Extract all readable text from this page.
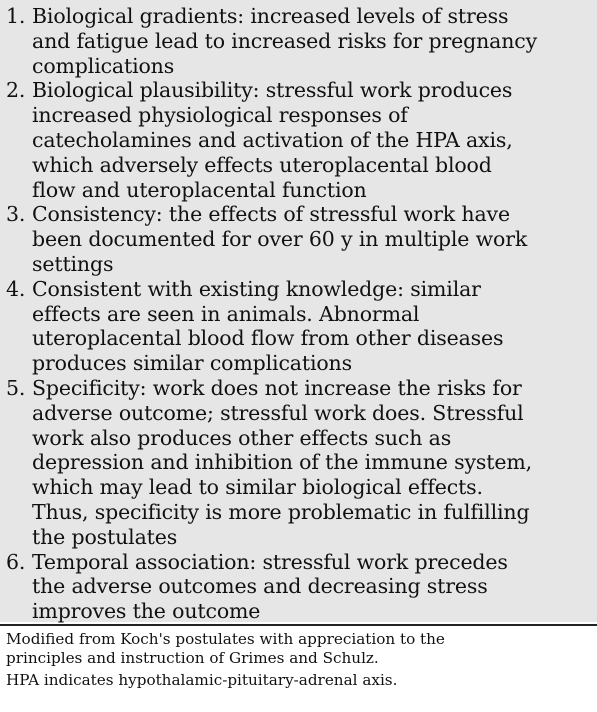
1. Biological gradients: increased levels of stress
and fatigue lead to increased risks for pregnancy
complications
2. Biological plausibility: stressful work produces
increased physiological responses of
catecholamines and activation of the HPA axis,
which adversely effects uteroplacental blood
flow and uteroplacental function
3. Consistency: the effects of stressful work have
been documented for over 60 y in multiple work
settings
4. Consistent with existing knowledge: similar
effects are seen in animals. Abnormal
uteroplacental blood flow from other diseases
produces similar complications
5. Specificity: work does not increase the risks for
adverse outcome; stressful work does. Stressful
work also produces other effects such as
depression and inhibition of the immune system,
which may lead to similar biological effects.
Thus, specificity is more problematic in fulfilling
the postulates
6. Temporal association: stressful work precedes
the adverse outcomes and decreasing stress
improves the outcome

Modified from Koch's postulates with appreciation to the
principles and instruction of Grimes and Schulz.

HPA indicates hypothalamic-pituitary-adrenal axis.
